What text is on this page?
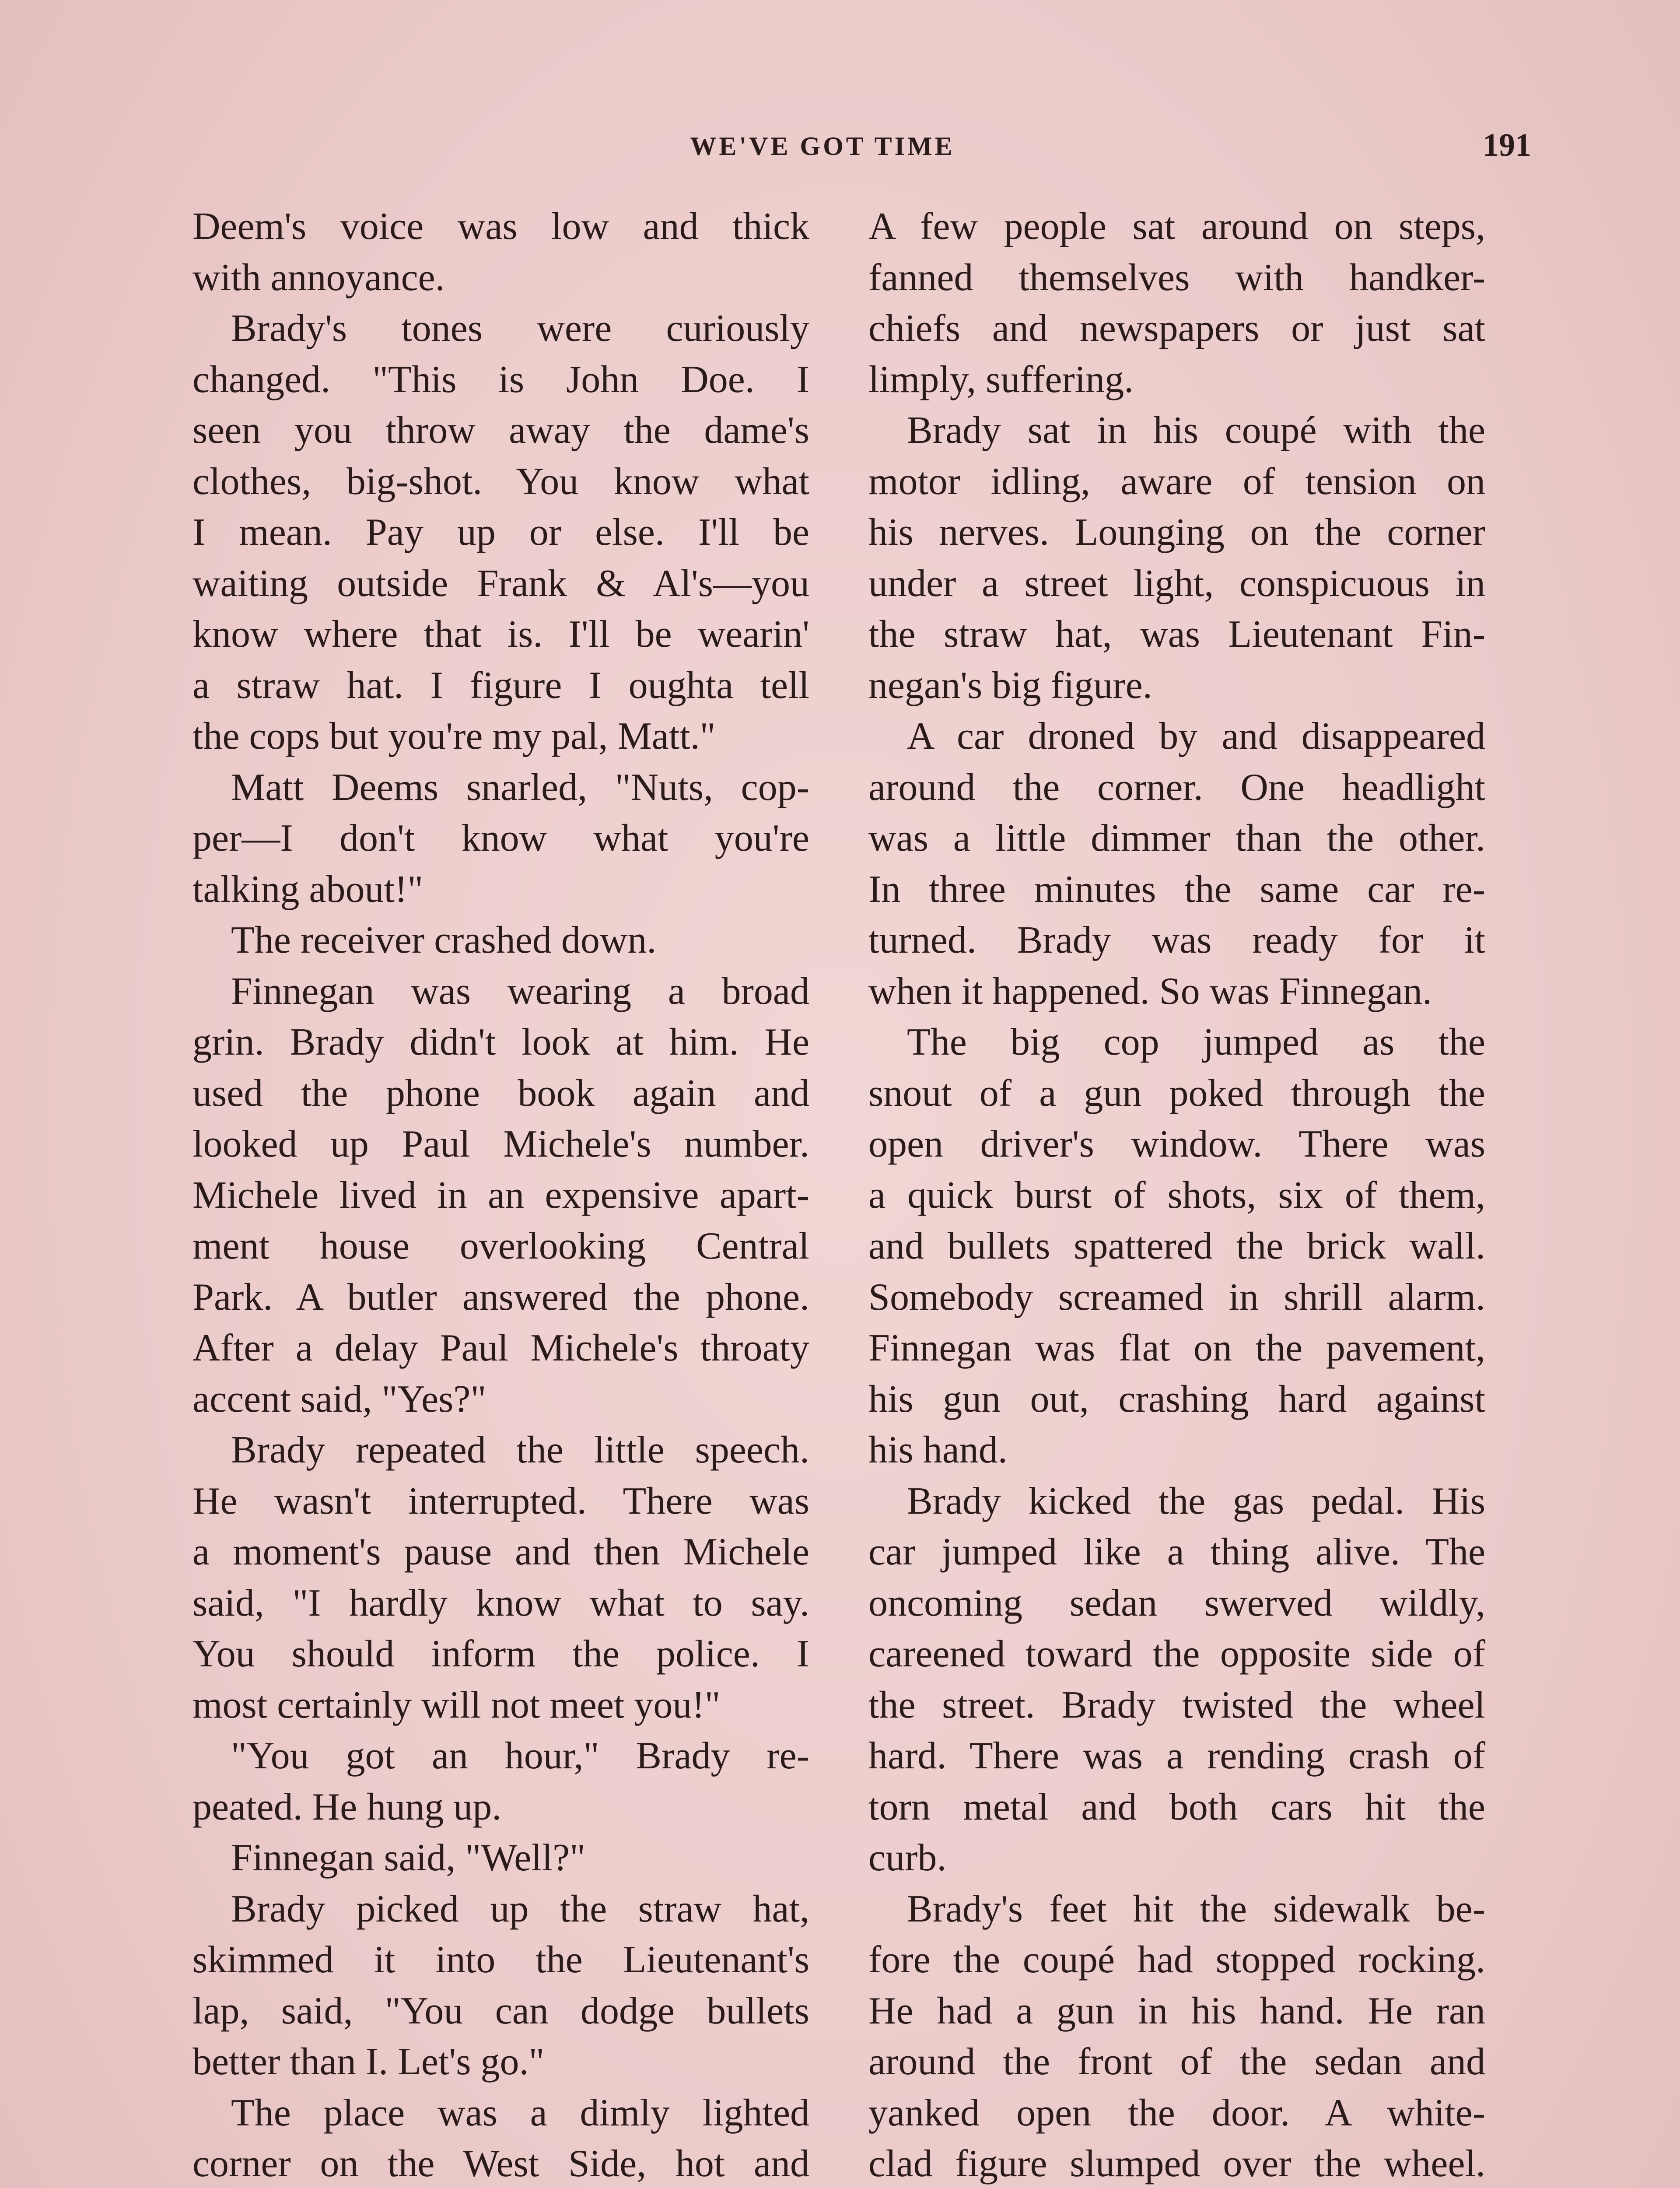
WE'VE GOT TIME	191
Deem's voice was low and thick
with annoyance.
Brady's tones were curiously
changed. "This is John Doe. I
seen you throw away the dame's
clothes, big-shot. You know what
I mean. Pay up or else. I'll be
waiting outside Frank & Al's—you
know where that is. I'll be wearin'
a straw hat. I figure I oughta tell
the cops but you're my pal, Matt."
Matt Deems snarled, "Nuts, cop-
per—I don't know what you're
talking about!"
The receiver crashed down.
Finnegan was wearing a broad
grin. Brady didn't look at him. He
used the phone book again and
looked up Paul Michele's number.
Michele lived in an expensive apart-
ment house overlooking Central
Park. A butler answered the phone.
After a delay Paul Michele's throaty
accent said, "Yes?"
Brady repeated the little speech.
He wasn't interrupted. There was
a moment's pause and then Michele
said, "I hardly know what to say.
You should inform the police. I
most certainly will not meet you!"
"You got an hour," Brady re-
peated. He hung up.
Finnegan said, "Well?"
Brady picked up the straw hat,
skimmed it into the Lieutenant's
lap, said, "You can dodge bullets
better than I. Let's go."
The place was a dimly lighted
corner on the West Side, hot and
A few people sat around on steps,
fanned themselves with handker-
chiefs and newspapers or just sat
limply, suffering.
Brady sat in his coupé with the
motor idling, aware of tension on
his nerves. Lounging on the corner
under a street light, conspicuous in
the straw hat, was Lieutenant Fin-
negan's big figure.
A car droned by and disappeared
around the corner. One headlight
was a little dimmer than the other.
In three minutes the same car re-
turned. Brady was ready for it
when it happened. So was Finnegan.
The big cop jumped as the
snout of a gun poked through the
open driver's window. There was
a quick burst of shots, six of them,
and bullets spattered the brick wall.
Somebody screamed in shrill alarm.
Finnegan was flat on the pavement,
his gun out, crashing hard against
his hand.
Brady kicked the gas pedal. His
car jumped like a thing alive. The
oncoming sedan swerved wildly,
careened toward the opposite side of
the street. Brady twisted the wheel
hard. There was a rending crash of
torn metal and both cars hit the
curb.
Brady's feet hit the sidewalk be-
fore the coupé had stopped rocking.
He had a gun in his hand. He ran
around the front of the sedan and
yanked open the door. A white-
clad figure slumped over the wheel.
